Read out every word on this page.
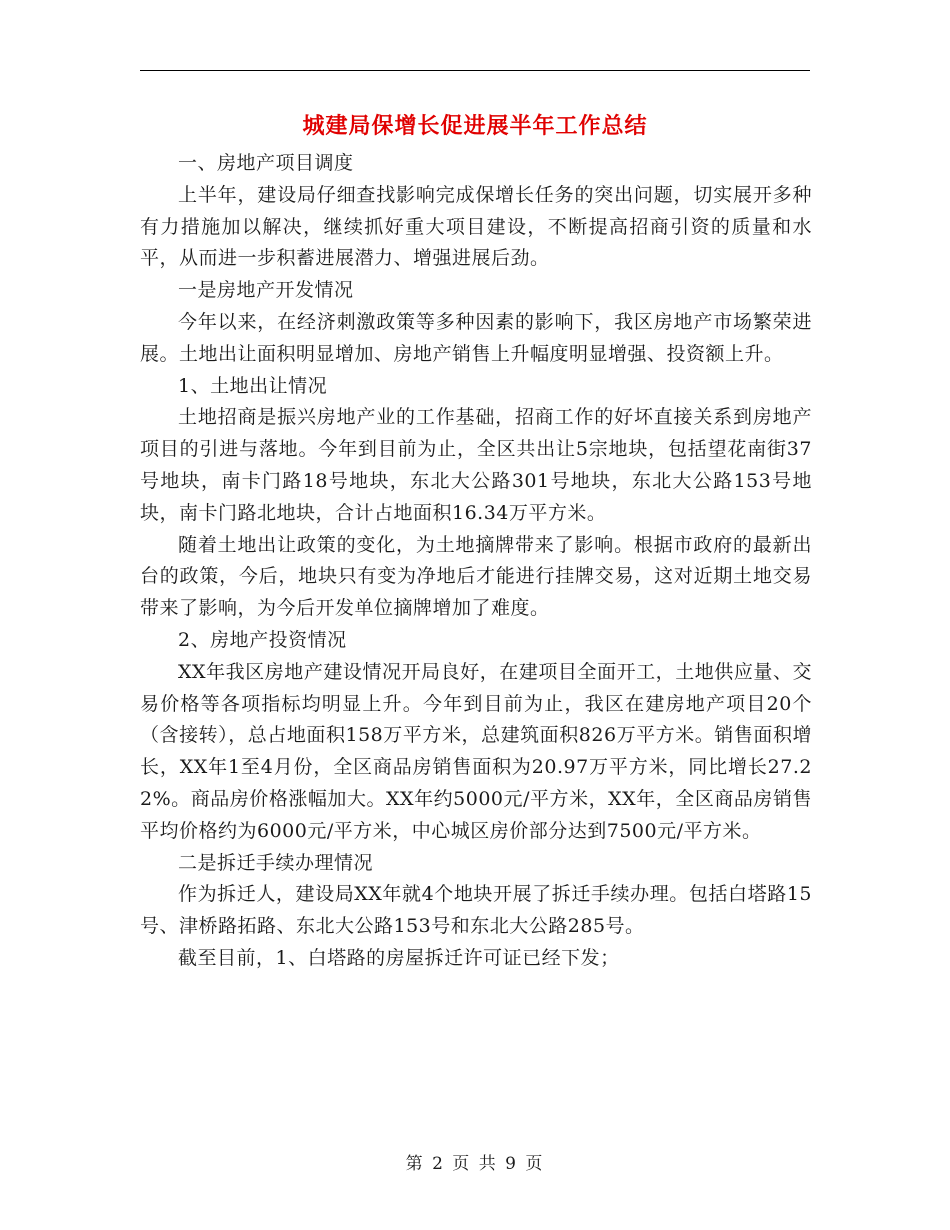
城建局保增长促进展半年工作总结

一、房地产项目调度

上半年，建设局仔细查找影响完成保增长任务的突出问题，切实展开多种有力措施加以解决，继续抓好重大项目建设，不断提高招商引资的质量和水平，从而进一步积蓄进展潜力、增强进展后劲。

一是房地产开发情况

今年以来，在经济刺激政策等多种因素的影响下，我区房地产市场繁荣进展。土地出让面积明显增加、房地产销售上升幅度明显增强、投资额上升。

1、土地出让情况

土地招商是振兴房地产业的工作基础，招商工作的好坏直接关系到房地产项目的引进与落地。今年到目前为止，全区共出让5宗地块，包括望花南街37号地块，南卡门路18号地块，东北大公路301号地块，东北大公路153号地块，南卡门路北地块，合计占地面积16.34万平方米。

随着土地出让政策的变化，为土地摘牌带来了影响。根据市政府的最新出台的政策，今后，地块只有变为净地后才能进行挂牌交易，这对近期土地交易带来了影响，为今后开发单位摘牌增加了难度。

2、房地产投资情况

XX年我区房地产建设情况开局良好，在建项目全面开工，土地供应量、交易价格等各项指标均明显上升。今年到目前为止，我区在建房地产项目20个（含接转），总占地面积158万平方米，总建筑面积826万平方米。销售面积增长，XX年1至4月份，全区商品房销售面积为20.97万平方米，同比增长27.22%。商品房价格涨幅加大。XX年约5000元/平方米，XX年，全区商品房销售平均价格约为6000元/平方米，中心城区房价部分达到7500元/平方米。

二是拆迁手续办理情况

作为拆迁人，建设局XX年就4个地块开展了拆迁手续办理。包括白塔路15号、津桥路拓路、东北大公路153号和东北大公路285号。

截至目前，1、白塔路的房屋拆迁许可证已经下发；

第 2 页 共 9 页
